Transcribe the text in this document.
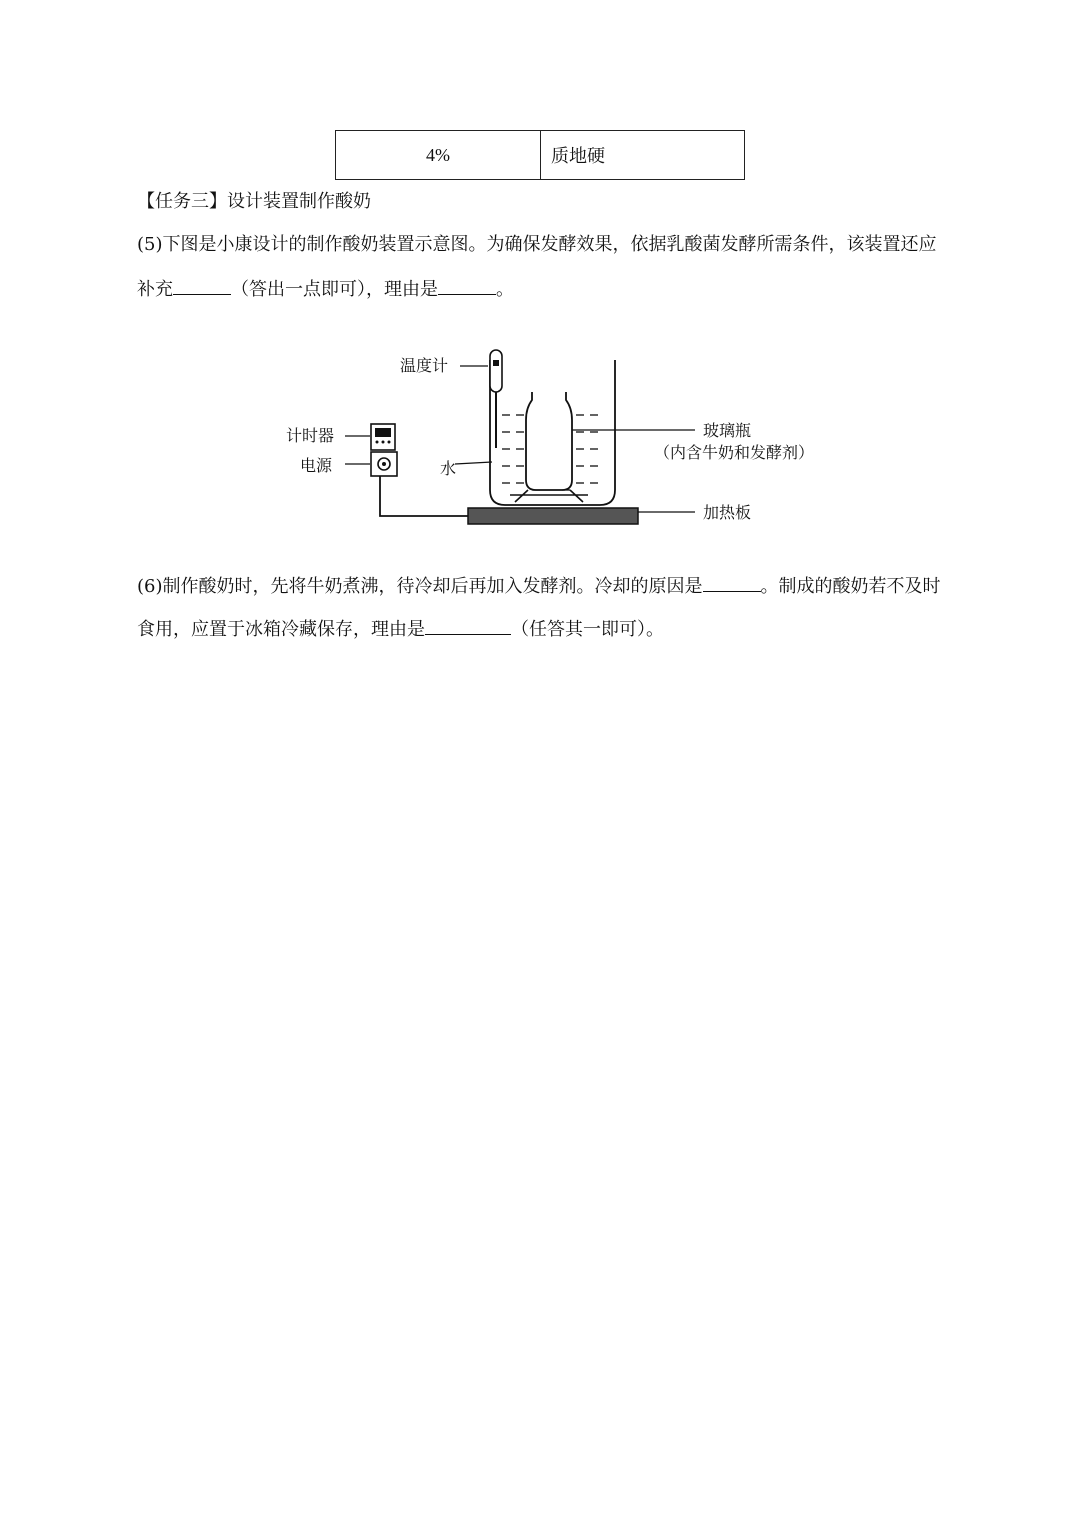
4%	质地硬
【任务三】设计装置制作酸奶
(5)下图是小康设计的制作酸奶装置示意图。为确保发酵效果，依据乳酸菌发酵所需条件，该装置还应
补充	（答出一点即可），理由是	。
温度计
计时器
电源	水
玻璃瓶
（内含牛奶和发酵剂）
加热板
(6)制作酸奶时，先将牛奶煮沸，待冷却后再加入发酵剂。冷却的原因是	。制成的酸奶若不及时
食用，应置于冰箱冷藏保存，理由是	（任答其一即可）。
